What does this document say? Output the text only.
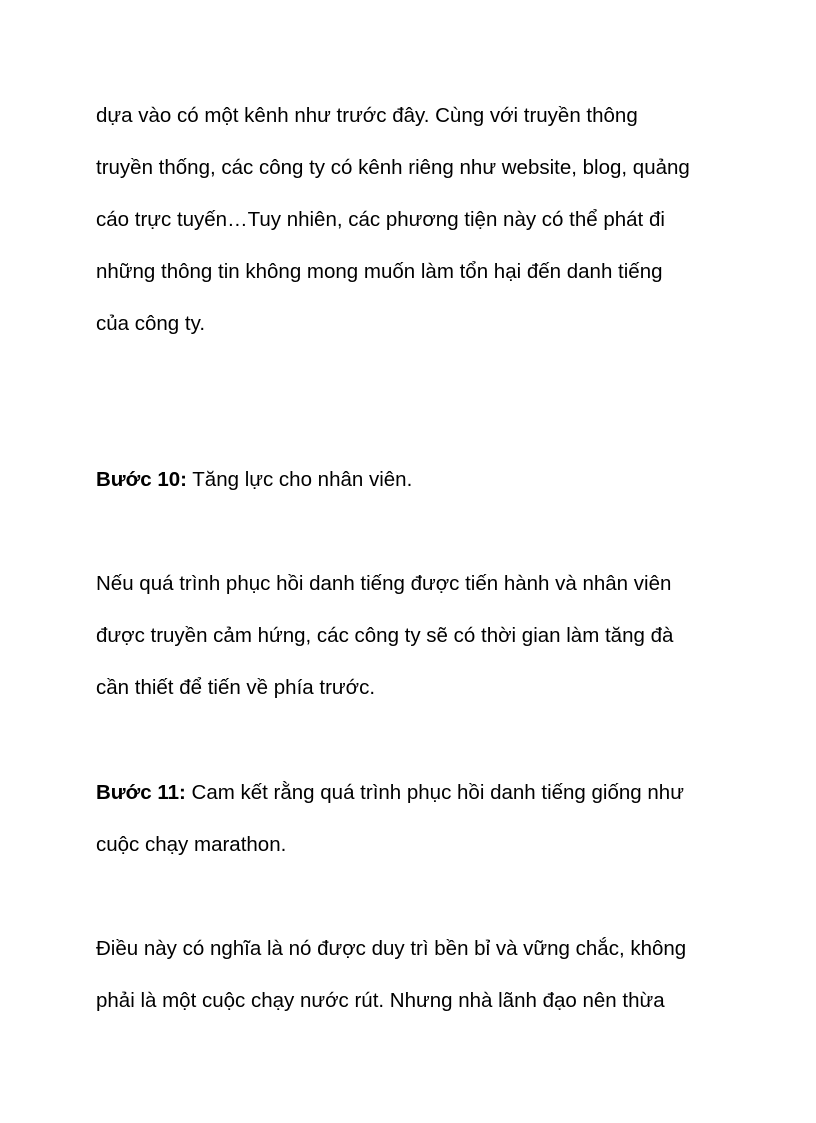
dựa vào có một kênh như trước đây. Cùng với truyền thông
truyền thống, các công ty có kênh riêng như website, blog, quảng
cáo trực tuyến…Tuy nhiên, các phương tiện này có thể phát đi
những thông tin không mong muốn làm tổn hại đến danh tiếng
của công ty.
Bước 10: Tăng lực cho nhân viên.
Nếu quá trình phục hồi danh tiếng được tiến hành và nhân viên
được truyền cảm hứng, các công ty sẽ có thời gian làm tăng đà
cần thiết để tiến về phía trước.
Bước 11: Cam kết rằng quá trình phục hồi danh tiếng giống như
cuộc chạy marathon.
Điều này có nghĩa là nó được duy trì bền bỉ và vững chắc, không
phải là một cuộc chạy nước rút. Nhưng nhà lãnh đạo nên thừa
